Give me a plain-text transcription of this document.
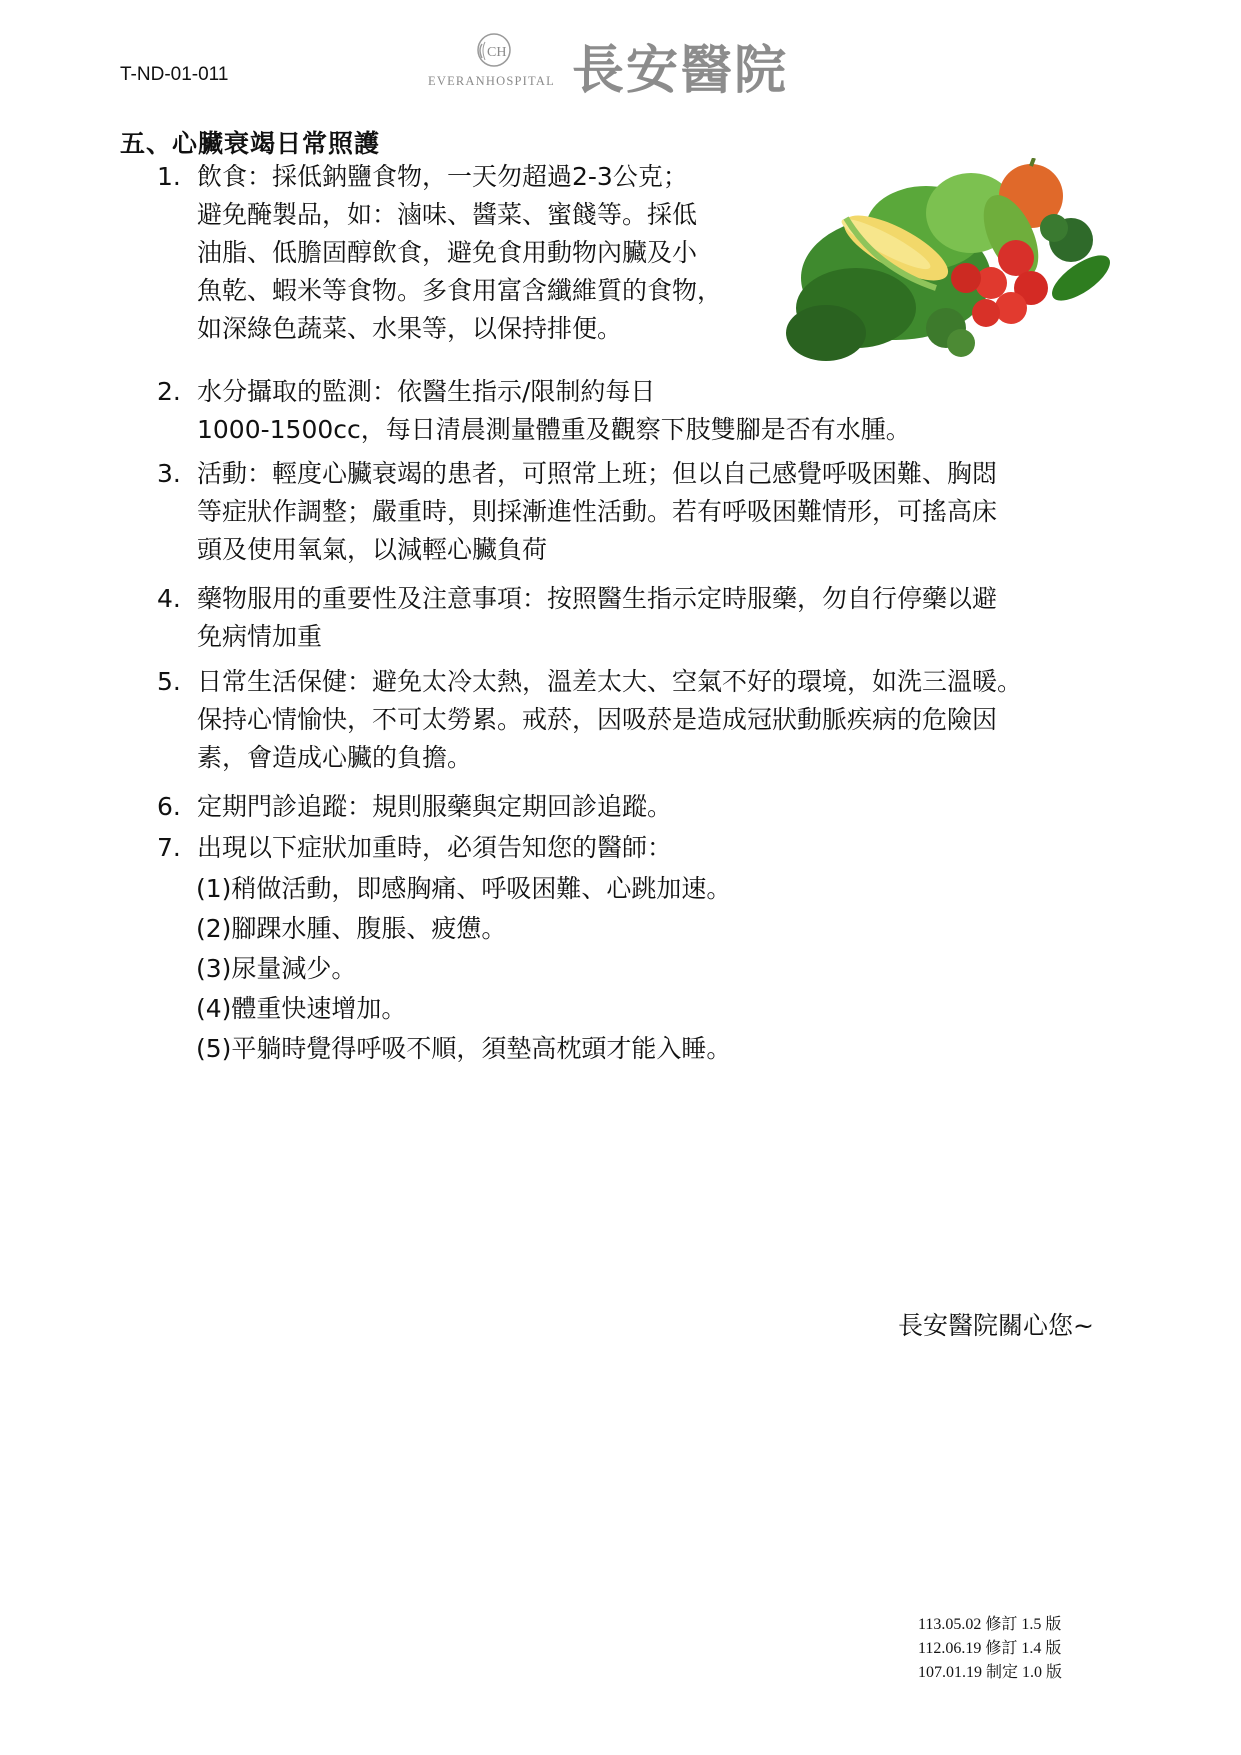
T-ND-01-011
CH
EVERANHOSPITAL 長安醫院
五、心臟衰竭日常照護
1. 飲食：採低鈉鹽食物，一天勿超過2-3公克；
避免醃製品，如：滷味、醬菜、蜜餞等。採低
油脂、低膽固醇飲食，避免食用動物內臟及小
魚乾、蝦米等食物。多食用富含纖維質的食物，
如深綠色蔬菜、水果等，以保持排便。
2. 水分攝取的監測：依醫生指示/限制約每日
1000-1500cc，每日清晨測量體重及觀察下肢雙腳是否有水腫。
3. 活動：輕度心臟衰竭的患者，可照常上班；但以自己感覺呼吸困難、胸悶
等症狀作調整；嚴重時，則採漸進性活動。若有呼吸困難情形，可搖高床
頭及使用氧氣，以減輕心臟負荷
4. 藥物服用的重要性及注意事項：按照醫生指示定時服藥，勿自行停藥以避
免病情加重
5. 日常生活保健：避免太冷太熱，溫差太大、空氣不好的環境，如洗三溫暖。
保持心情愉快，不可太勞累。戒菸，因吸菸是造成冠狀動脈疾病的危險因
素，會造成心臟的負擔。
6. 定期門診追蹤：規則服藥與定期回診追蹤。
7. 出現以下症狀加重時，必須告知您的醫師：
(1)稍做活動，即感胸痛、呼吸困難、心跳加速。
(2)腳踝水腫、腹脹、疲憊。
(3)尿量減少。
(4)體重快速增加。
(5)平躺時覺得呼吸不順，須墊高枕頭才能入睡。
長安醫院關心您~
113.05.02 修訂 1.5 版
112.06.19 修訂 1.4 版
107.01.19 制定 1.0 版
